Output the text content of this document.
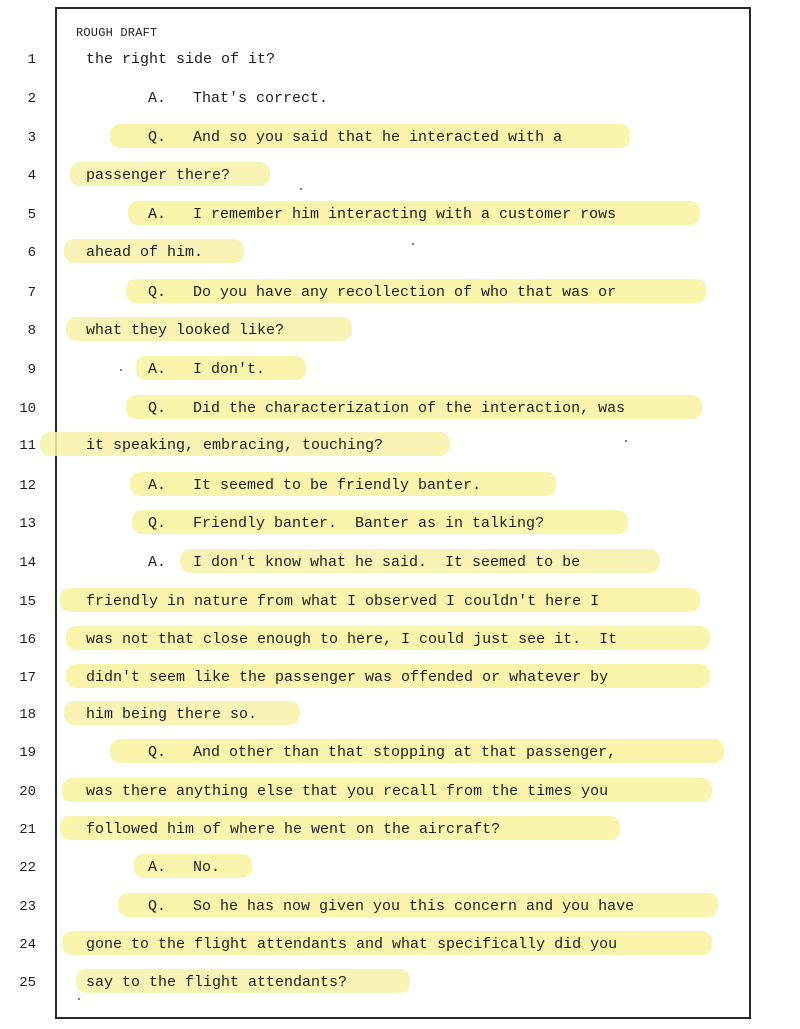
ROUGH DRAFT
1	the right side of it?
2	A.   That's correct.
3	Q.   And so you said that he interacted with a
4	passenger there?
5	A.   I remember him interacting with a customer rows
6	ahead of him.
7	Q.   Do you have any recollection of who that was or
8	what they looked like?
9	A.   I don't.
10	Q.   Did the characterization of the interaction, was
11	it speaking, embracing, touching?
12	A.   It seemed to be friendly banter.
13	Q.   Friendly banter.  Banter as in talking?
14	A.   I don't know what he said.  It seemed to be
15	friendly in nature from what I observed I couldn't here I
16	was not that close enough to here, I could just see it.  It
17	didn't seem like the passenger was offended or whatever by
18	him being there so.
19	Q.   And other than that stopping at that passenger,
20	was there anything else that you recall from the times you
21	followed him of where he went on the aircraft?
22	A.   No.
23	Q.   So he has now given you this concern and you have
24	gone to the flight attendants and what specifically did you
25	say to the flight attendants?
